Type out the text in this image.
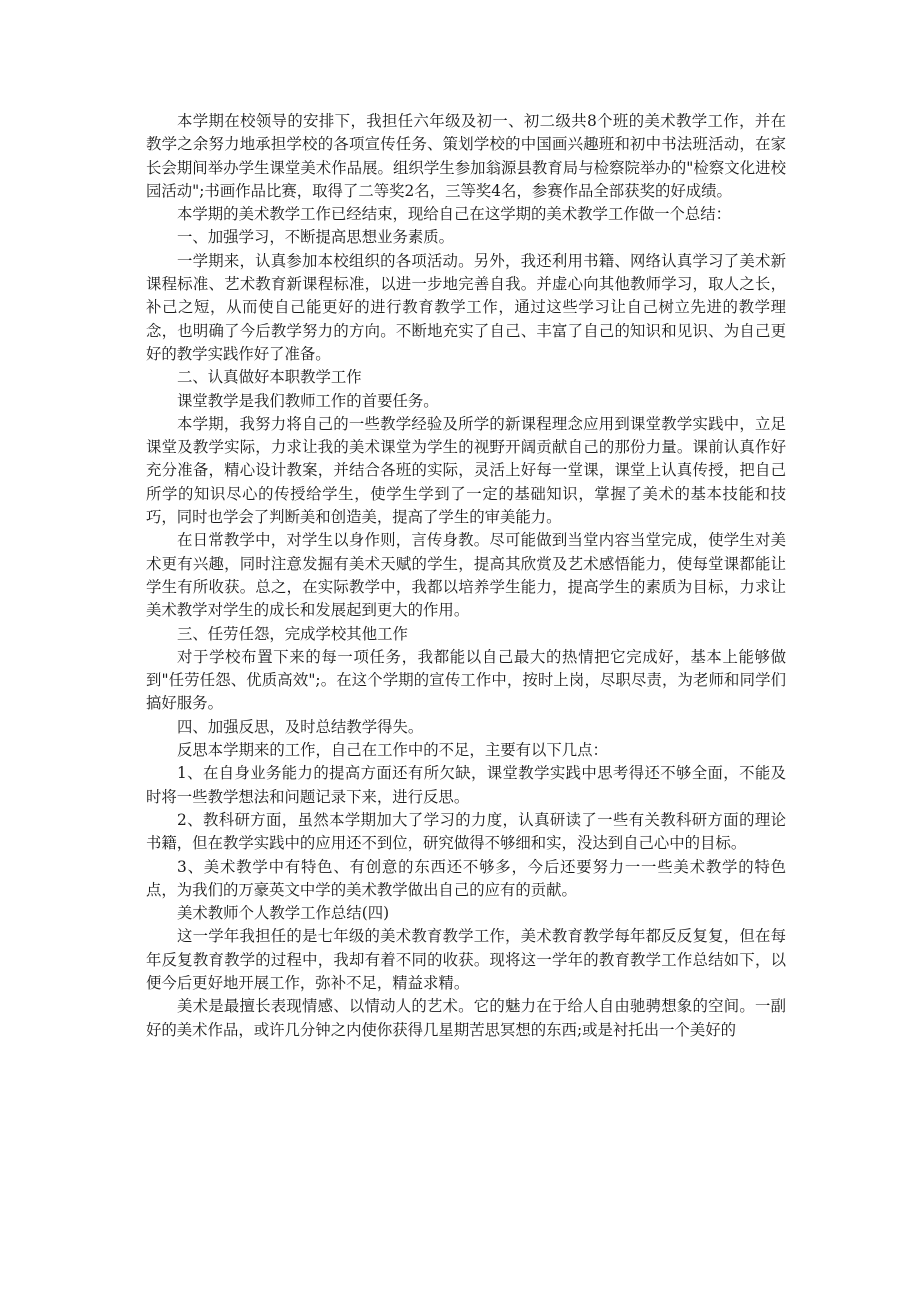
本学期在校领导的安排下，我担任六年级及初一、初二级共8个班的美术教学工作，并在教学之余努力地承担学校的各项宣传任务、策划学校的中国画兴趣班和初中书法班活动，在家长会期间举办学生课堂美术作品展。组织学生参加翁源县教育局与检察院举办的"检察文化进校园活动";书画作品比赛，取得了二等奖2名，三等奖4名，参赛作品全部获奖的好成绩。

本学期的美术教学工作已经结束，现给自己在这学期的美术教学工作做一个总结：

一、加强学习，不断提高思想业务素质。

一学期来，认真参加本校组织的各项活动。另外，我还利用书籍、网络认真学习了美术新课程标准、艺术教育新课程标准，以进一步地完善自我。并虚心向其他教师学习，取人之长，补己之短，从而使自己能更好的进行教育教学工作，通过这些学习让自己树立先进的教学理念，也明确了今后教学努力的方向。不断地充实了自己、丰富了自己的知识和见识、为自己更好的教学实践作好了准备。

二、认真做好本职教学工作

课堂教学是我们教师工作的首要任务。

本学期，我努力将自己的一些教学经验及所学的新课程理念应用到课堂教学实践中，立足课堂及教学实际，力求让我的美术课堂为学生的视野开阔贡献自己的那份力量。课前认真作好充分准备，精心设计教案，并结合各班的实际，灵活上好每一堂课，课堂上认真传授，把自己所学的知识尽心的传授给学生，使学生学到了一定的基础知识，掌握了美术的基本技能和技巧，同时也学会了判断美和创造美，提高了学生的审美能力。

在日常教学中，对学生以身作则，言传身教。尽可能做到当堂内容当堂完成，使学生对美术更有兴趣，同时注意发掘有美术天赋的学生，提高其欣赏及艺术感悟能力，使每堂课都能让学生有所收获。总之，在实际教学中，我都以培养学生能力，提高学生的素质为目标，力求让美术教学对学生的成长和发展起到更大的作用。

三、任劳任怨，完成学校其他工作

对于学校布置下来的每一项任务，我都能以自己最大的热情把它完成好，基本上能够做到"任劳任怨、优质高效";。在这个学期的宣传工作中，按时上岗，尽职尽责，为老师和同学们搞好服务。

四、加强反思，及时总结教学得失。

反思本学期来的工作，自己在工作中的不足，主要有以下几点：

1、在自身业务能力的提高方面还有所欠缺，课堂教学实践中思考得还不够全面，不能及时将一些教学想法和问题记录下来，进行反思。

2、教科研方面，虽然本学期加大了学习的力度，认真研读了一些有关教科研方面的理论书籍，但在教学实践中的应用还不到位，研究做得不够细和实，没达到自己心中的目标。

3、美术教学中有特色、有创意的东西还不够多，今后还要努力一一些美术教学的特色点，为我们的万豪英文中学的美术教学做出自己的应有的贡献。

美术教师个人教学工作总结(四)

这一学年我担任的是七年级的美术教育教学工作，美术教育教学每年都反反复复，但在每年反复教育教学的过程中，我却有着不同的收获。现将这一学年的教育教学工作总结如下，以便今后更好地开展工作，弥补不足，精益求精。

美术是最擅长表现情感、以情动人的艺术。它的魅力在于给人自由驰骋想象的空间。一副好的美术作品，或许几分钟之内使你获得几星期苦思冥想的东西;或是衬托出一个美好的
